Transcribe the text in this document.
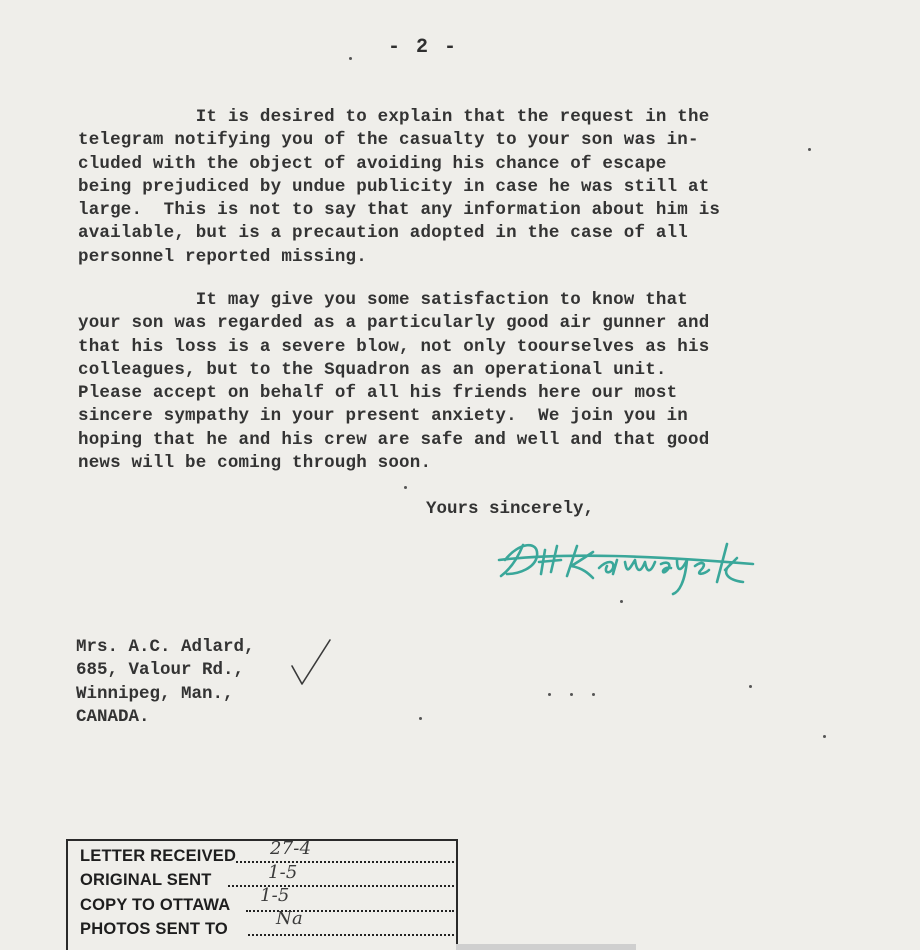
- 2 -
It is desired to explain that the request in the
telegram notifying you of the casualty to your son was in-
cluded with the object of avoiding his chance of escape
being prejudiced by undue publicity in case he was still at
large.  This is not to say that any information about him is
available, but is a precaution adopted in the case of all
personnel reported missing.
It may give you some satisfaction to know that
your son was regarded as a particularly good air gunner and
that his loss is a severe blow, not only toourselves as his
colleagues, but to the Squadron as an operational unit.
Please accept on behalf of all his friends here our most
sincere sympathy in your present anxiety.  We join you in
hoping that he and his crew are safe and well and that good
news will be coming through soon.
Yours sincerely,
Mrs. A.C. Adlard,
685, Valour Rd.,
Winnipeg, Man.,
CANADA.
LETTER RECEIVED 27-4
ORIGINAL SENT	1-5
COPY TO OTTAWA 1-5
PHOTOS SENT TO	Na
